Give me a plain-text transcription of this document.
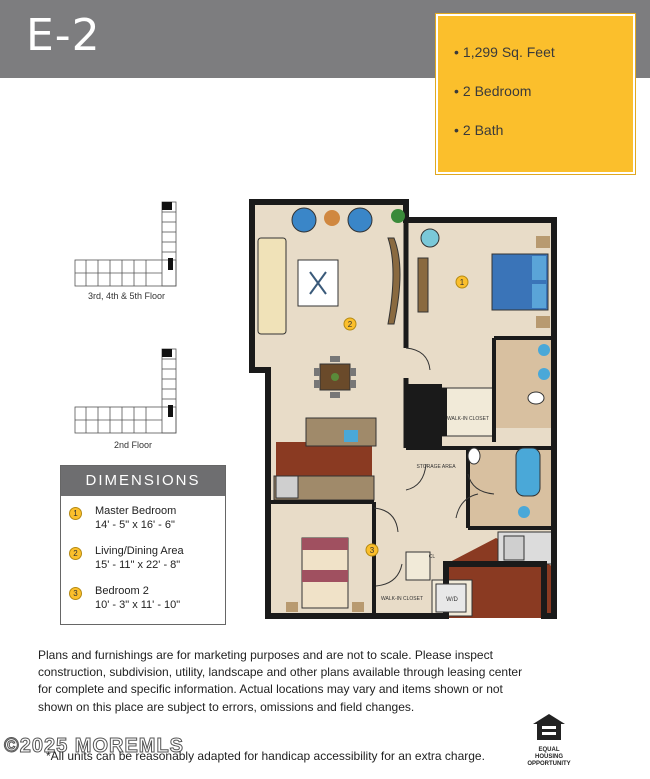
E-2	• 1,299 Sq. Feet
• 2 Bedroom
• 2 Bath
3rd, 4th & 5th Floor
2nd Floor
DIMENSIONS
1	Master Bedroom
14' - 5" x 16' - 6"
2	Living/Dining Area
15' - 11" x 22' - 8"
3	Bedroom 2
10' - 3" x 11' - 10"
1
2
3
WALK-IN CLOSET
STORAGE AREA
CL
WALK-IN CLOSET	W/D
Plans and furnishings are for marketing purposes and are not to scale. Please inspect construction, subdivision, utility, landscape and other plans available through leasing center for complete and specific information. Actual locations may vary and items shown or not shown on this place are subject to errors, omissions and field changes.
©2025 MOREMLS
*All units can be reasonably adapted for handicap accessibility for an extra charge.	EQUAL HOUSING
OPPORTUNITY
